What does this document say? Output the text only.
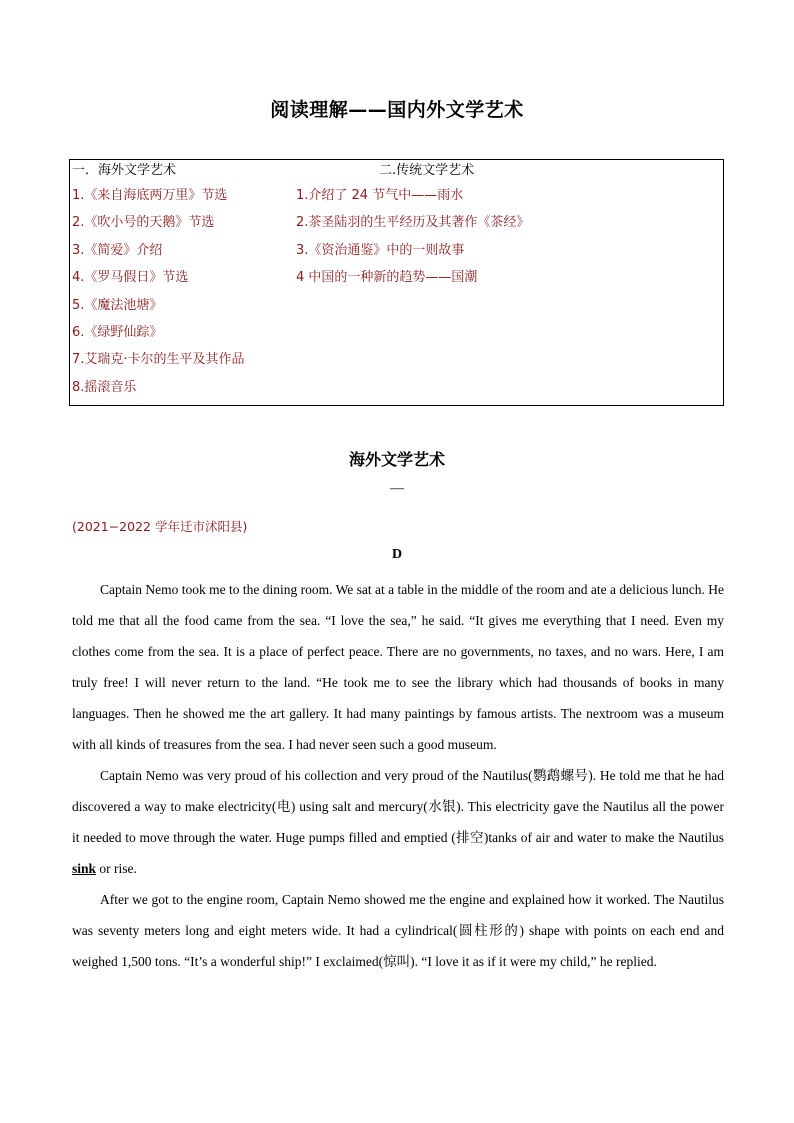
阅读理解——国内外文学艺术
一．海外文学艺术
1.《来自海底两万里》节选
2.《吹小号的天鹅》节选
3.《简爱》介绍
4.《罗马假日》节选
5.《魔法池塘》
6.《绿野仙踪》
7.艾瑞克·卡尔的生平及其作品
8.摇滚音乐
二.传统文学艺术
1.介绍了 24 节气中——雨水
2.茶圣陆羽的生平经历及其著作《茶经》
3.《资治通鉴》中的一则故事
4 中国的一种新的趋势——国潮
海外文学艺术
—
(2021−2022 学年迁市沭阳县)
D

Captain Nemo took me to the dining room. We sat at a table in the middle of the room and ate a delicious lunch. He told me that all the food came from the sea. “I love the sea,” he said. “It gives me everything that I need. Even my clothes come from the sea. It is a place of perfect peace. There are no governments, no taxes, and no wars. Here, I am truly free! I will never return to the land. “He took me to see the library which had thousands of books in many languages. Then he showed me the art gallery. It had many paintings by famous artists. The nextroom was a museum with all kinds of treasures from the sea. I had never seen such a good museum.

Captain Nemo was very proud of his collection and very proud of the Nautilus(鹦鹉螺号). He told me that he had discovered a way to make electricity(电) using salt and mercury(水银). This electricity gave the Nautilus all the power it needed to move through the water. Huge pumps filled and emptied (排空)tanks of air and water to make the Nautilus sink or rise.

After we got to the engine room, Captain Nemo showed me the engine and explained how it worked. The Nautilus was seventy meters long and eight meters wide. It had a cylindrical(圆柱形的) shape with points on each end and weighed 1,500 tons. “It’s a wonderful ship!” I exclaimed(惊叫). “I love it as if it were my child,” he replied.
